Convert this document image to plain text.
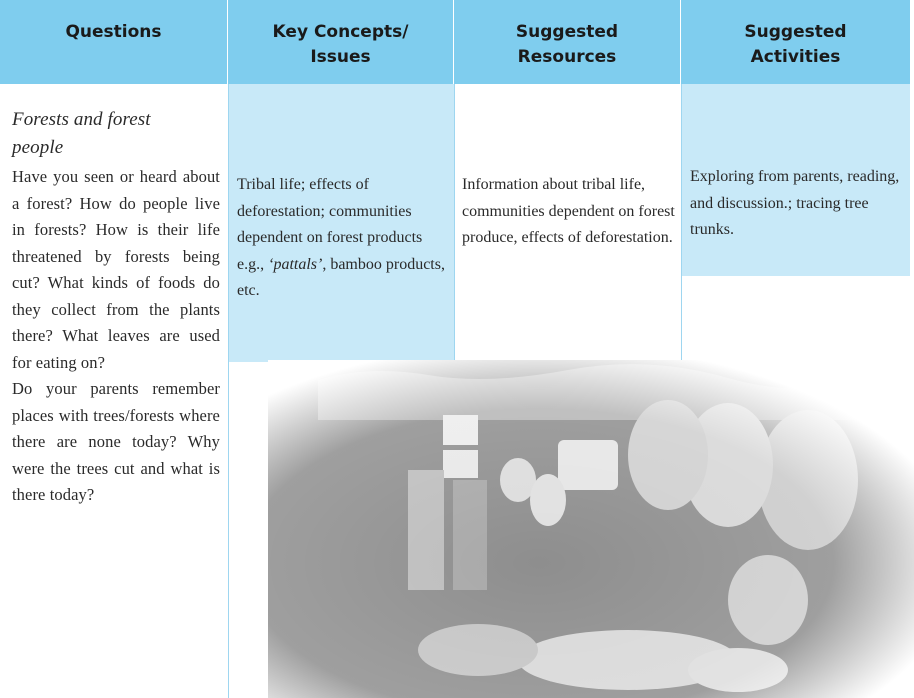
Questions	Key Concepts/
Issues
Suggested
Resources
Suggested
Activities
Forests and forest
people
Have you seen or heard about a forest? How do people live in forests? How is their life threatened by forests being cut? What kinds of foods do they collect from the plants there? What leaves are used for eating on?
Do your parents remember places with trees/forests where there are none today? Why were the trees cut and what is there today?
Tribal life; effects of deforestation; communities dependent on forest products e.g., ‘pattals’, bamboo products, etc.
Information about tribal life, communities dependent on forest produce, effects of deforestation.
Exploring from parents, reading, and discussion.; tracing tree trunks.
